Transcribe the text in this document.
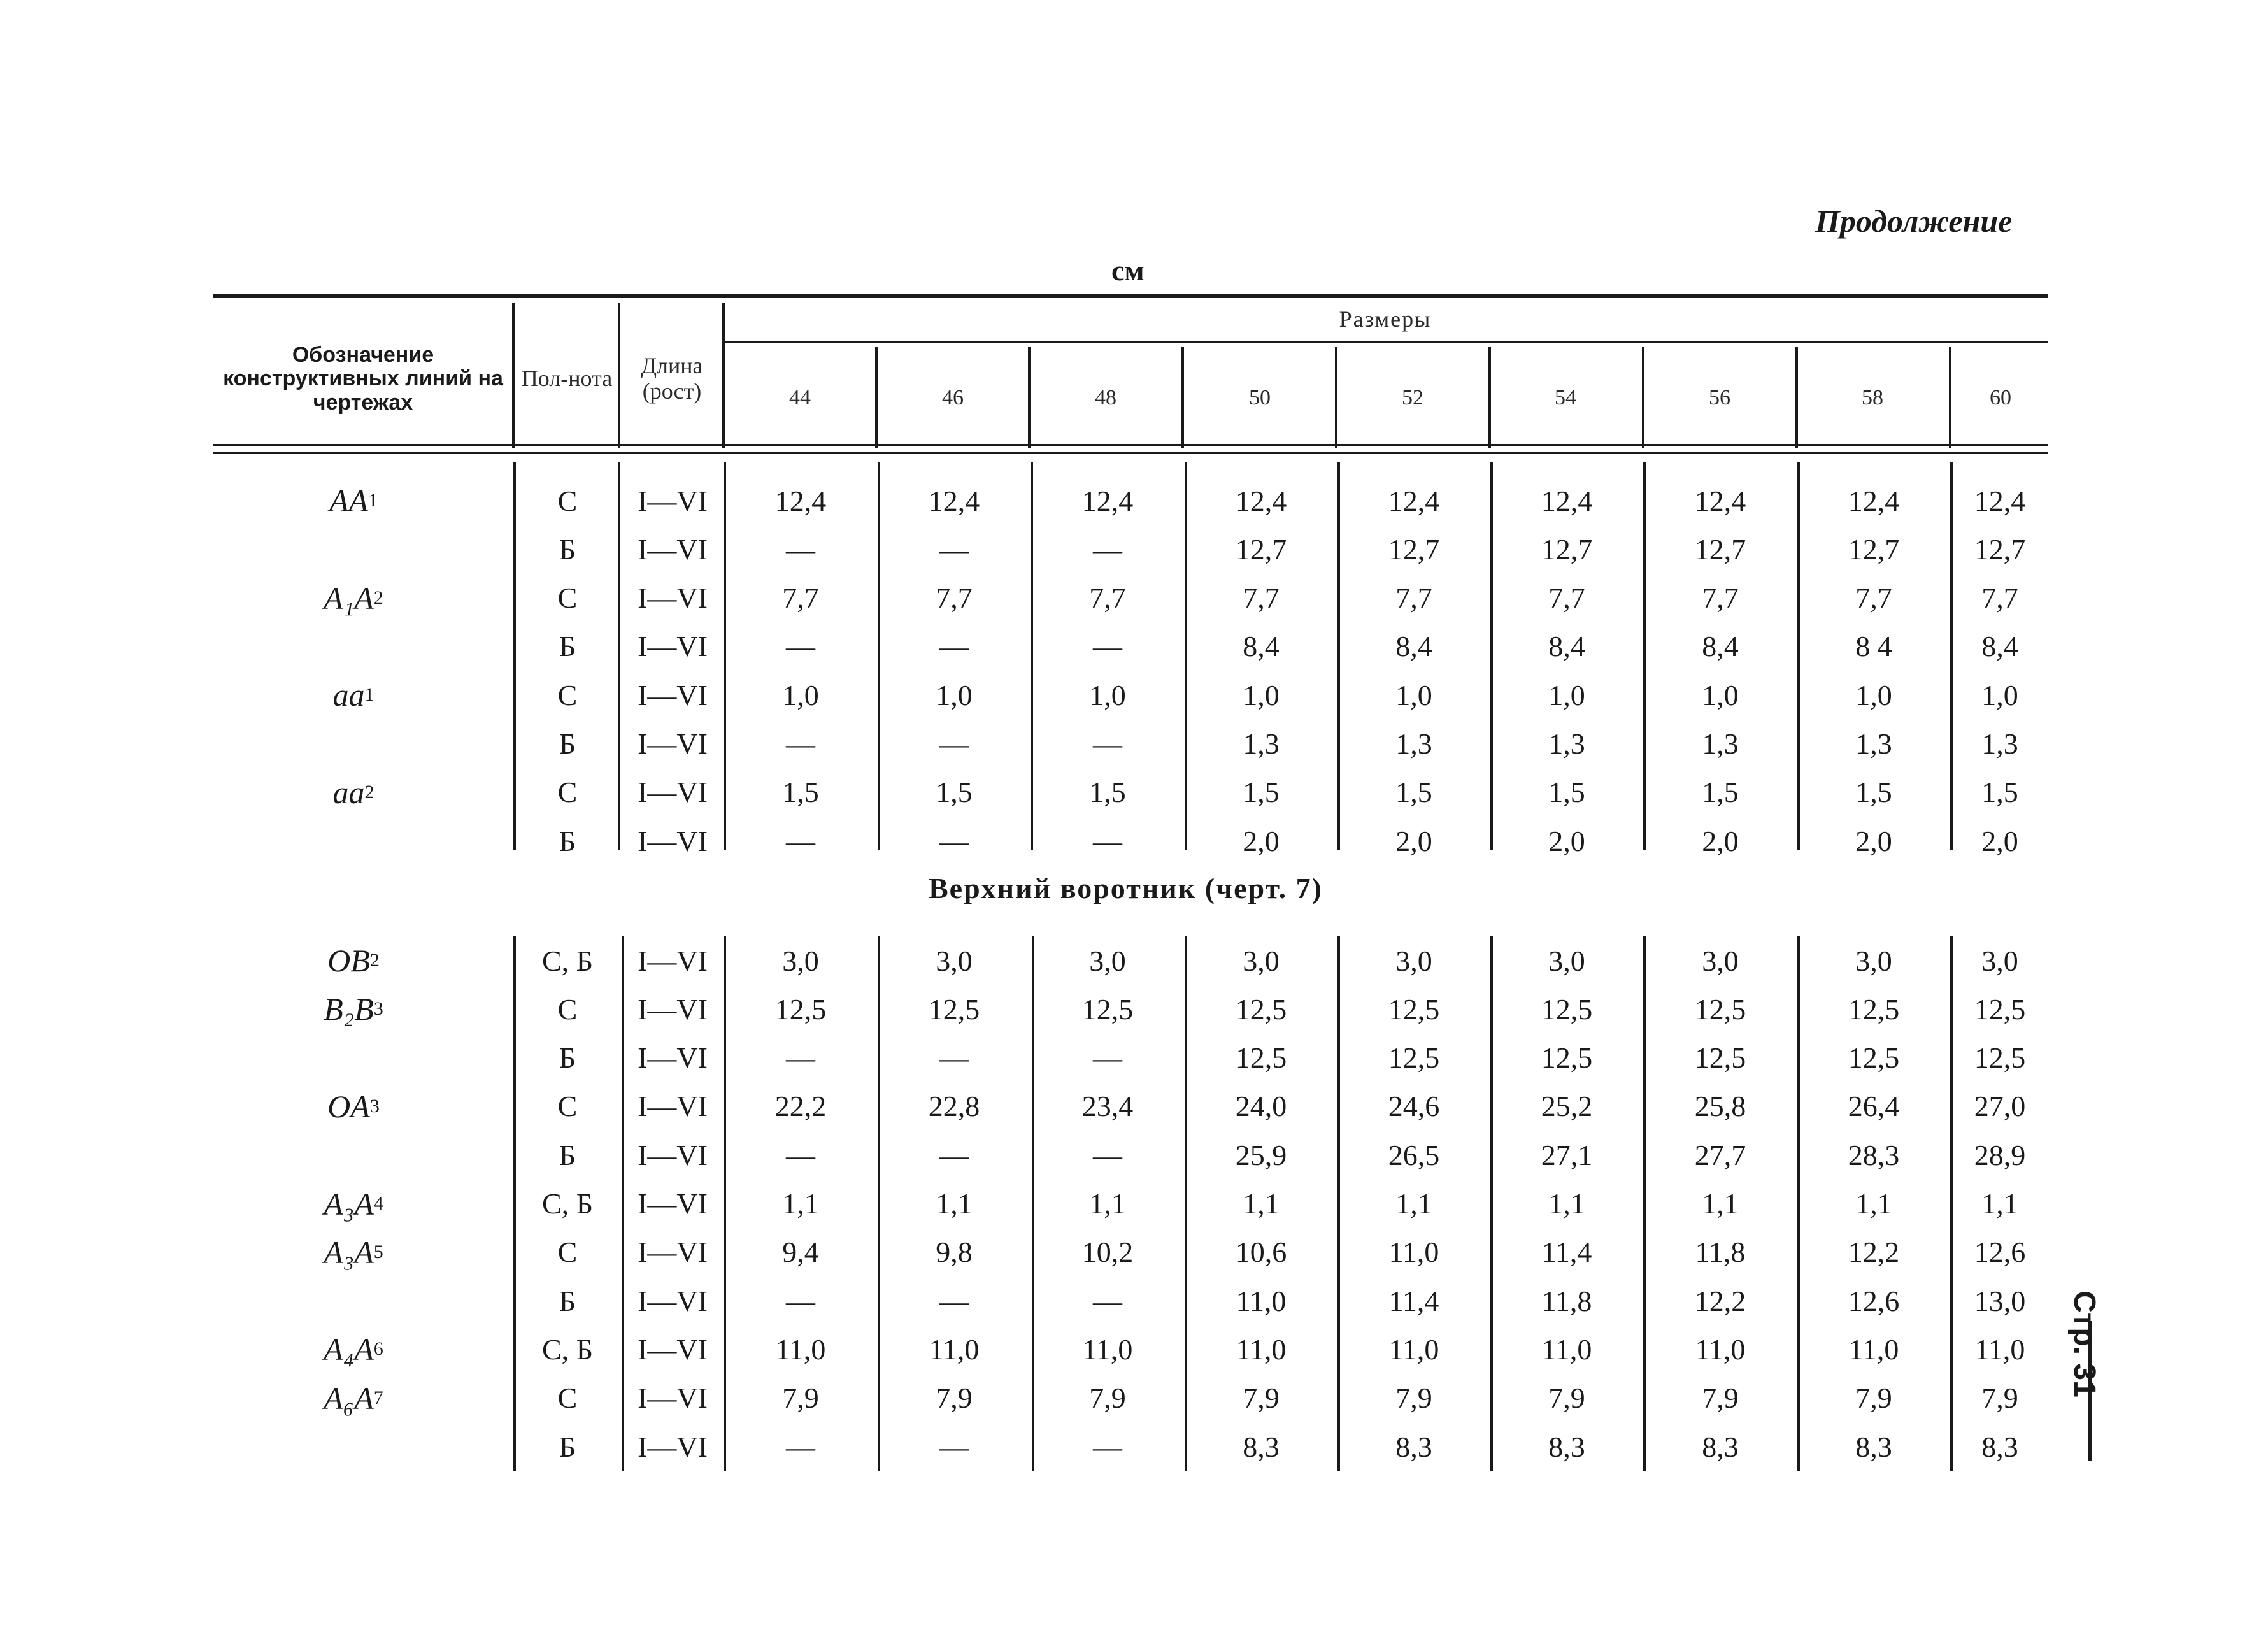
Продолжение
см
Обозначение конструктивных линий на чертежах
Пол-нота	Длина (рост)
Размеры
44	46	48	50	52	54	56	58	60
AA 1	С	I—VI	12,4	12,4	12,4	12,4	12,4	12,4	12,4	12,4	12,4
Б	I—VI	—	—	—	12,7	12,7	12,7	12,7	12,7	12,7
A₁A 2	С	I—VI	7,7	7,7	7,7	7,7	7,7	7,7	7,7	7,7	7,7
Б	I—VI	—	—	—	8,4	8,4	8,4	8,4	8 4	8,4
aa 1	С	I—VI	1,0	1,0	1,0	1,0	1,0	1,0	1,0	1,0	1,0
Б	I—VI	—	—	—	1,3	1,3	1,3	1,3	1,3	1,3
aa 2	С	I—VI	1,5	1,5	1,5	1,5	1,5	1,5	1,5	1,5	1,5
Б	I—VI	—	—	—	2,0	2,0	2,0	2,0	2,0	2,0
Верхний воротник (черт. 7)
OB 2	С, Б	I—VI	3,0	3,0	3,0	3,0	3,0	3,0	3,0	3,0	3,0
B₂B 3	С	I—VI	12,5	12,5	12,5	12,5	12,5	12,5	12,5	12,5	12,5
Б	I—VI	—	—	—	12,5	12,5	12,5	12,5	12,5	12,5
OA 3	С	I—VI	22,2	22,8	23,4	24,0	24,6	25,2	25,8	26,4	27,0
Б	I—VI	—	—	—	25,9	26,5	27,1	27,7	28,3	28,9
A₃A 4	С, Б	I—VI	1,1	1,1	1,1	1,1	1,1	1,1	1,1	1,1	1,1
A₃A 5	С	I—VI	9,4	9,8	10,2	10,6	11,0	11,4	11,8	12,2	12,6
Б	I—VI	—	—	—	11,0	11,4	11,8	12,2	12,6	13,0
A₄A 6	С, Б	I—VI	11,0	11,0	11,0	11,0	11,0	11,0	11,0	11,0	11,0
A₆A 7	С	I—VI	7,9	7,9	7,9	7,9	7,9	7,9	7,9	7,9	7,9
Б	I—VI	—	—	—	8,3	8,3	8,3	8,3	8,3	8,3
Стр. 31
